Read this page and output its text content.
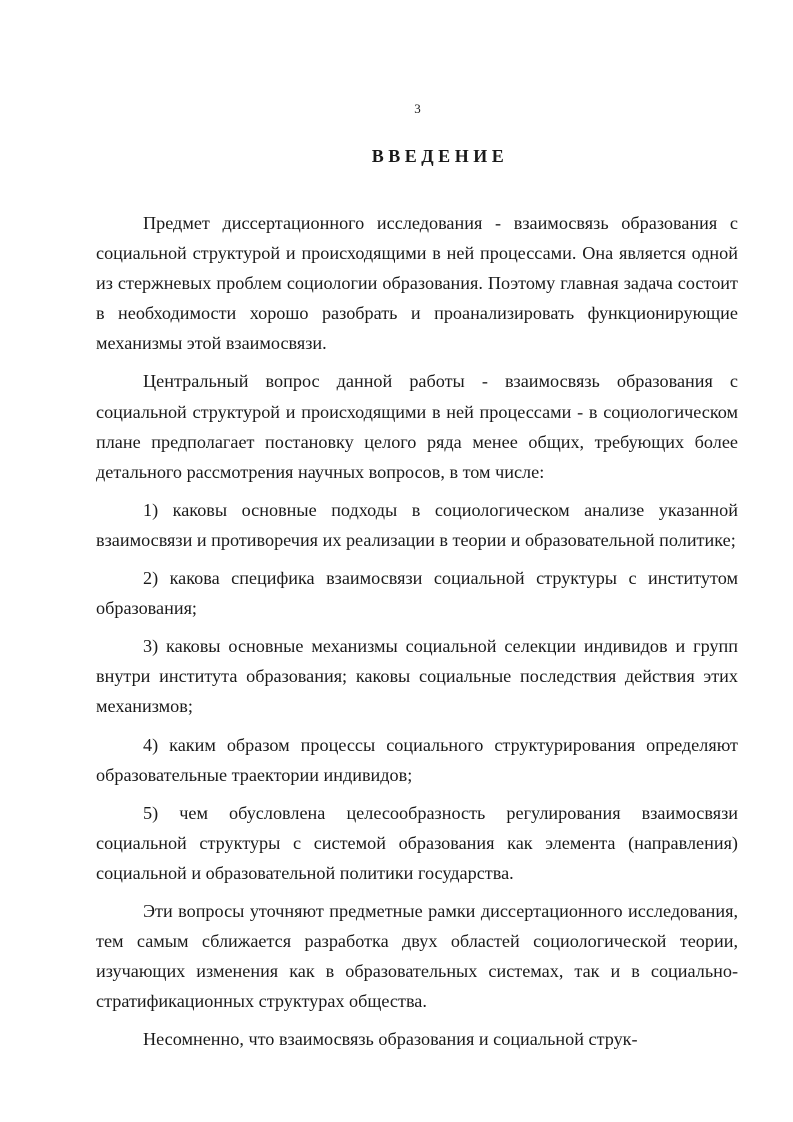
3
ВВЕДЕНИЕ

Предмет диссертационного исследования - взаимосвязь образования с социальной структурой и происходящими в ней процессами. Она является одной из стержневых проблем социологии образования. Поэтому главная задача состоит в необходимости хорошо разобрать и проанализировать функционирующие механизмы этой взаимосвязи.

Центральный вопрос данной работы - взаимосвязь образования с социальной структурой и происходящими в ней процессами - в социологическом плане предполагает постановку целого ряда менее общих, требующих более детального рассмотрения научных вопросов, в том числе:

1) каковы основные подходы в социологическом анализе указанной взаимосвязи и противоречия их реализации в теории и образовательной политике;

2) какова специфика взаимосвязи социальной структуры с институтом образования;

3) каковы основные механизмы социальной селекции индивидов и групп внутри института образования; каковы социальные последствия действия этих механизмов;

4) каким образом процессы социального структурирования определяют образовательные траектории индивидов;

5) чем обусловлена целесообразность регулирования взаимосвязи социальной структуры с системой образования как элемента (направления) социальной и образовательной политики государства.

Эти вопросы уточняют предметные рамки диссертационного исследования, тем самым сближается разработка двух областей социологической теории, изучающих изменения как в образовательных системах, так и в социально-стратификационных структурах общества.

Несомненно, что взаимосвязь образования и социальной струк-
